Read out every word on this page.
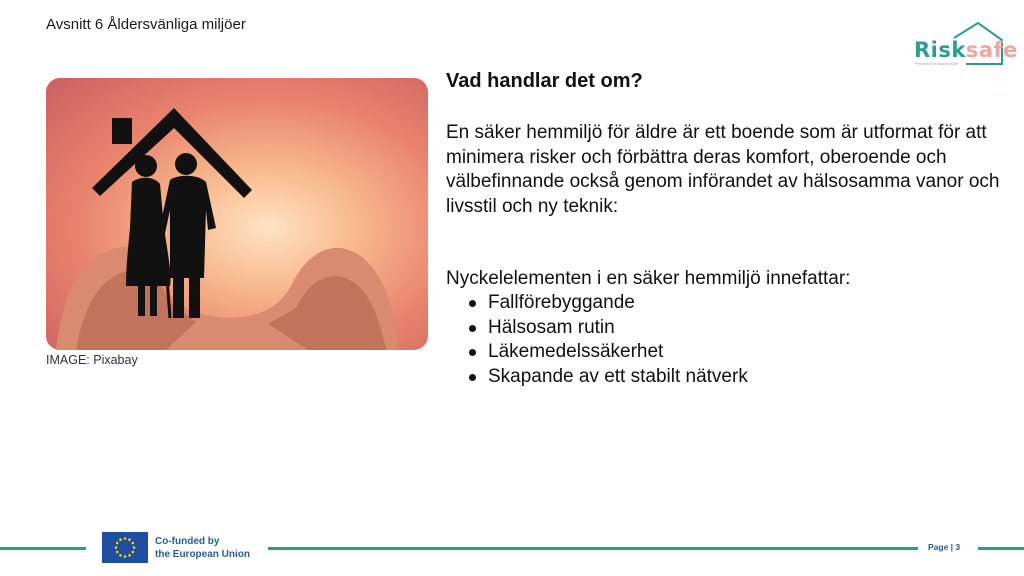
Avsnitt 6 Åldersvänliga miljöer
Risksafe
Prevention för säkrare äldre
IMAGE: Pixabay
Vad handlar det om?

En säker hemmiljö för äldre är ett boende som är utformat för att minimera risker och förbättra deras komfort, oberoende och välbefinnande också genom införandet av hälsosamma vanor och livsstil och ny teknik:

Nyckelelementen i en säker hemmiljö innefattar:

Fallförebyggande
Hälsosam rutin
Läkemedelssäkerhet
Skapande av ett stabilt nätverk
Co-funded by
the European Union
Page | 3
